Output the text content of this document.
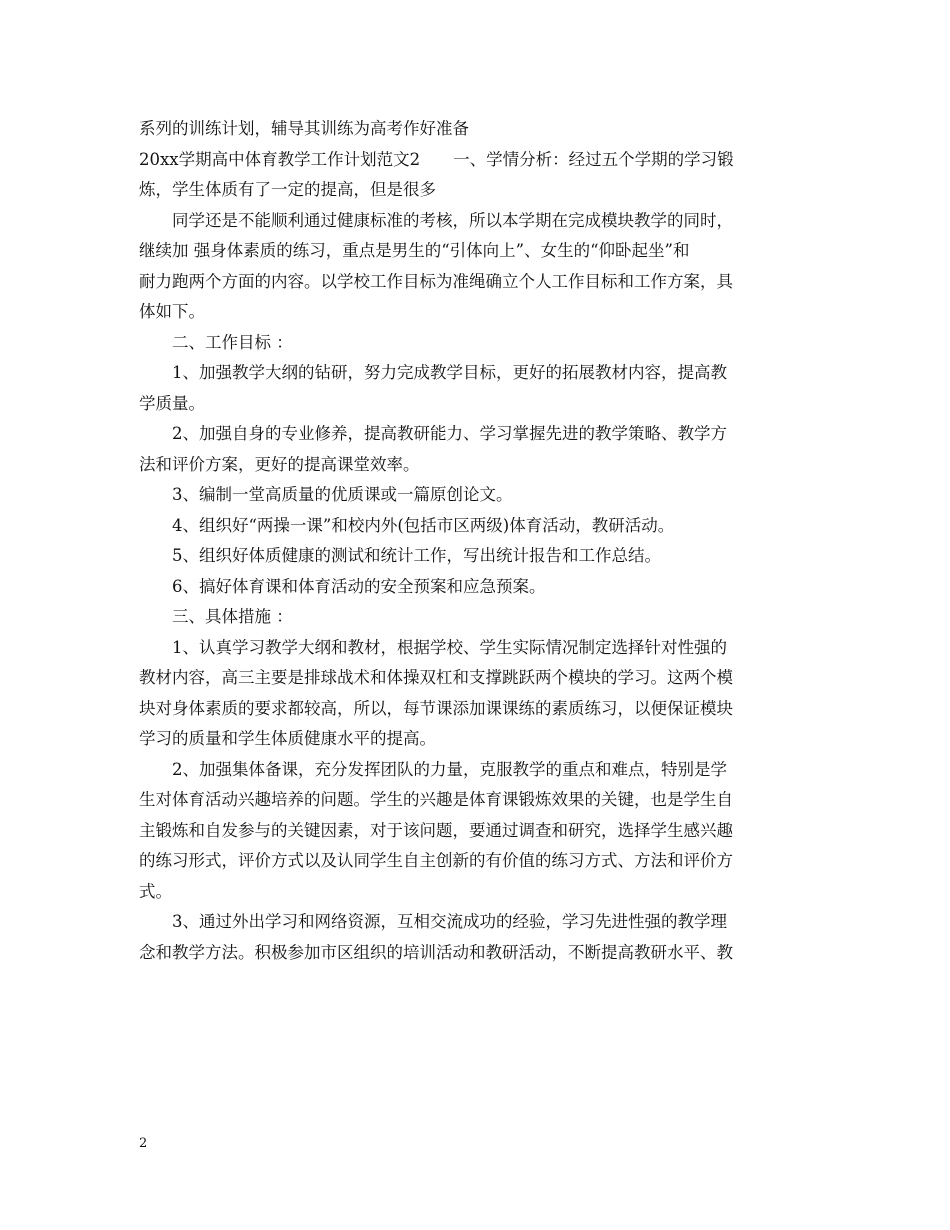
系列的训练计划，辅导其训练为高考作好准备

20xx学期高中体育教学工作计划范文2　　一、学情分析：经过五个学期的学习锻

炼，学生体质有了一定的提高，但是很多

同学还是不能顺利通过健康标准的考核，所以本学期在完成模块教学的同时，

继续加 强身体素质的练习，重点是男生的“引体向上”、女生的“仰卧起坐”和

耐力跑两个方面的内容。以学校工作目标为准绳确立个人工作目标和工作方案，具

体如下。

二、工作目标 ：

1、加强教学大纲的钻研，努力完成教学目标，更好的拓展教材内容，提高教

学质量。

2、加强自身的专业修养，提高教研能力、学习掌握先进的教学策略、教学方

法和评价方案，更好的提高课堂效率。

3、编制一堂高质量的优质课或一篇原创论文。

4、组织好“两操一课”和校内外(包括市区两级)体育活动，教研活动。

5、组织好体质健康的测试和统计工作，写出统计报告和工作总结。

6、搞好体育课和体育活动的安全预案和应急预案。

三、具体措施 ：

1、认真学习教学大纲和教材，根据学校、学生实际情况制定选择针对性强的

教材内容，高三主要是排球战术和体操双杠和支撑跳跃两个模块的学习。这两个模

块对身体素质的要求都较高，所以，每节课添加课课练的素质练习，以便保证模块

学习的质量和学生体质健康水平的提高。

2、加强集体备课，充分发挥团队的力量，克服教学的重点和难点，特别是学

生对体育活动兴趣培养的问题。学生的兴趣是体育课锻炼效果的关键，也是学生自

主锻炼和自发参与的关键因素，对于该问题，要通过调查和研究，选择学生感兴趣

的练习形式，评价方式以及认同学生自主创新的有价值的练习方式、方法和评价方

式。

3、通过外出学习和网络资源，互相交流成功的经验，学习先进性强的教学理

念和教学方法。积极参加市区组织的培训活动和教研活动，不断提高教研水平、教

2
